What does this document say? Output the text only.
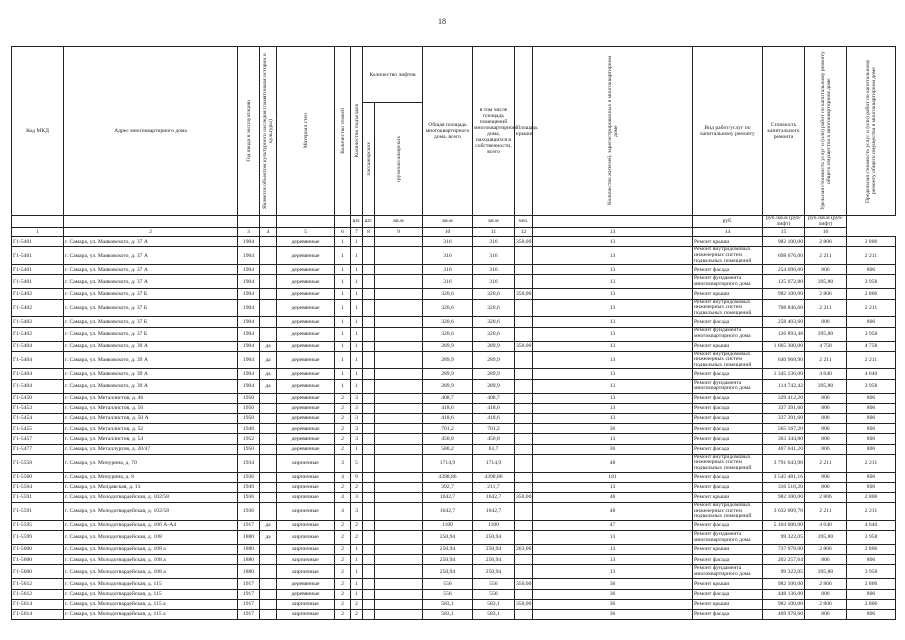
18
Код МКД	Адрес многоквартирного дома	Год ввода в эксплуатацию	Является объектом культурного наследия (памятником истории и культуры)	Материал стен	Количество этажей	Количество подъездов	Количество лифтов		Общая площадь многоквартирного дома, всего	в том числе площадь помещений многоквартирного дома, находящихся в собственности, всего	Площадь крыши	Количество жителей, зарегистрированных в многоквартирном доме	Вид работ/услуг по капитальному ремонту	Стоимость капитального ремонта	Удельная стоимость услуг и (или) работ по капитальному ремонту общего имущества в многоквартирном доме	Предельная стоимость услуг и (или) работ по капитальному ремонту общего имущества в многоквартирном доме

							пассажирских	грузопассажирских								

						шт.	шт.	кв.м	кв.м	кв.м	чел.		руб.	руб./кв.м (руб/лифт)	руб./кв.м (руб/лифт)	
1	2	3	4	5	6	7	8	9	10	11	12	13	14	15	16	
Г1-5401	г. Самара, ул. Маяковского, д. 37 А	1904		деревянные	1	1			316	316	350,00	13	Ремонт крыши	982 100,00	2 806	2 806
Г1-5401	г. Самара, ул. Маяковского, д. 37 А	1904		деревянные	1	1			316	316		13	Ремонт внутридомовых инженерных систем подвальных помещений	698 676,00	2 211	2 211
Г1-5401	г. Самара, ул. Маяковского, д. 37 А	1904		деревянные	1	1			316	316		13	Ремонт фасада	254 696,00	806	806
Г1-5401	г. Самара, ул. Маяковского, д. 37 А	1904		деревянные	1	1			316	316		13	Ремонт фундамента многоквартирного дома	125 072,80	395,80	3 958
Г1-5402	г. Самара, ул. Маяковского, д. 37 Б	1904		деревянные	1	1			320,6	320,6	350,00	13	Ремонт крыши	982 100,00	2 806	2 806
Г1-5402	г. Самара, ул. Маяковского, д. 37 Б	1904		деревянные	1	1			320,6	320,6		13	Ремонт внутридомовых инженерных систем подвальных помещений	708 846,60	2 211	2 211
Г1-5402	г. Самара, ул. Маяковского, д. 37 Б	1904		деревянные	1	1			320,6	320,6		13	Ремонт фасада	258 403,60	806	806
Г1-5402	г. Самара, ул. Маяковского, д. 37 Б	1904		деревянные	1	1			320,6	320,6		13	Ремонт фундамента многоквартирного дома	126 893,48	395,80	3 958
Г1-5404	г. Самара, ул. Маяковского, д. 39 А	1904	да	деревянные	1	1			289,9	289,9	350,00	13	Ремонт крыши	1 665 300,00	4 758	4 758
Г1-5404	г. Самара, ул. Маяковского, д. 39 А	1904	да	деревянные	1	1			289,9	289,9		13	Ремонт внутридомовых инженерных систем подвальных помещений	640 968,90	2 211	2 211
Г1-5404	г. Самара, ул. Маяковского, д. 39 А	1904	да	деревянные	1	1			289,9	289,9		13	Ремонт фасада	1 345 136,00	4 640	4 640
Г1-5404	г. Самара, ул. Маяковского, д. 39 А	1904	да	деревянные	1	1			289,9	289,9		13	Ремонт фундамента многоквартирного дома	114 742,42	395,80	3 958
Г1-5450	г. Самара, ул. Металлистов, д. 46	1950		деревянные	2	3			408,7	408,7		13	Ремонт фасада	329 412,20	806	806
Г1-5453	г. Самара, ул. Металлистов, д. 50	1950		деревянные	2	3			418,6	418,6		13	Ремонт фасада	337 391,60	806	806
Г1-5454	г. Самара, ул. Металлистов, д. 50 А	1950		деревянные	2	3			418,6	418,6		13	Ремонт фасада	337 391,60	806	806
Г1-5455	г. Самара, ул. Металлистов, д. 52	1948		деревянные	2	3			701,2	701,2		36	Ремонт фасада	565 167,20	806	806
Г1-5457	г. Самара, ул. Металлистов, д. 54	1952		деревянные	2	3			450,8	450,8		13	Ремонт фасада	363 344,80	806	806
Г1-5477	г. Самара, ул. Металлургов, д. 20/47	1950		деревянные	2	1			580,2	63,7		36	Ремонт фасада	467 641,20	806	806
Г1-5558	г. Самара, ул. Мичурина, д. 70	1934		кирпичные	3	5			1714,9	1714,9		48	Ремонт внутридомовых инженерных систем подвальных помещений	3 791 643,90	2 211	2 211
Г1-5560	г. Самара, ул. Мичурина, д. 8	1936		кирпичные	4	9			4398,86	4398,86		181	Ремонт фасада	3 545 481,16	806	806
Г1-5564	г. Самара, ул. Молдавская, д. 13	1949		кирпичные	2	2			392,7	211,7		13	Ремонт фасада	316 516,20	806	806
Г1-5591	г. Самара, ул. Молодогвардейская, д. 102/58	1936		кирпичные	4	3			1642,7	1642,7	350,00	48	Ремонт крыши	982 100,00	2 806	2 806
Г1-5591	г. Самара, ул. Молодогвардейская, д. 102/58	1936		кирпичные	4	3			1642,7	1642,7		48	Ремонт внутридомовых инженерных систем подвальных помещений	3 632 009,70	2 211	2 211
Г1-5595	г. Самара, ул. Молодогвардейская, д. 106 А-А4	1917	да	кирпичные	2	2			1100	1100		47	Ремонт фасада	5 104 000,00	4 640	4 640
Г1-5599	г. Самара, ул. Молодогвардейская, д. 108	1880	да	кирпичные	2	2			250,94	250,94		13	Ремонт фундамента многоквартирного дома	99 322,05	395,80	3 958
Г1-5600	г. Самара, ул. Молодогвардейская, д. 108 а	1880		кирпичные	2	1			250,94	250,94	263,00	13	Ремонт крыши	737 978,00	2 806	2 806
Г1-5600	г. Самара, ул. Молодогвардейская, д. 108 а	1880		кирпичные	2	1			250,94	250,94		13	Ремонт фасада	202 257,64	806	806
Г1-5600	г. Самара, ул. Молодогвардейская, д. 108 а	1880		кирпичные	2	1			250,94	250,94		13	Ремонт фундамента многоквартирного дома	99 322,05	395,80	3 958
Г1-5612	г. Самара, ул. Молодогвардейская, д. 115	1917		деревянные	2	1			556	556	350,00	36	Ремонт крыши	982 100,00	2 806	2 806
Г1-5612	г. Самара, ул. Молодогвардейская, д. 115	1917		деревянные	2	1			556	556		36	Ремонт фасада	448 136,00	806	806
Г1-5614	г. Самара, ул. Молодогвардейская, д. 115 а	1917		кирпичные	2	2			583,1	583,1	350,00	36	Ремонт крыши	982 100,00	2 806	2 806
Г1-5614	г. Самара, ул. Молодогвардейская, д. 115 а	1917		кирпичные	2	2			583,1	583,1		36	Ремонт фасада	469 978,60	806	806
